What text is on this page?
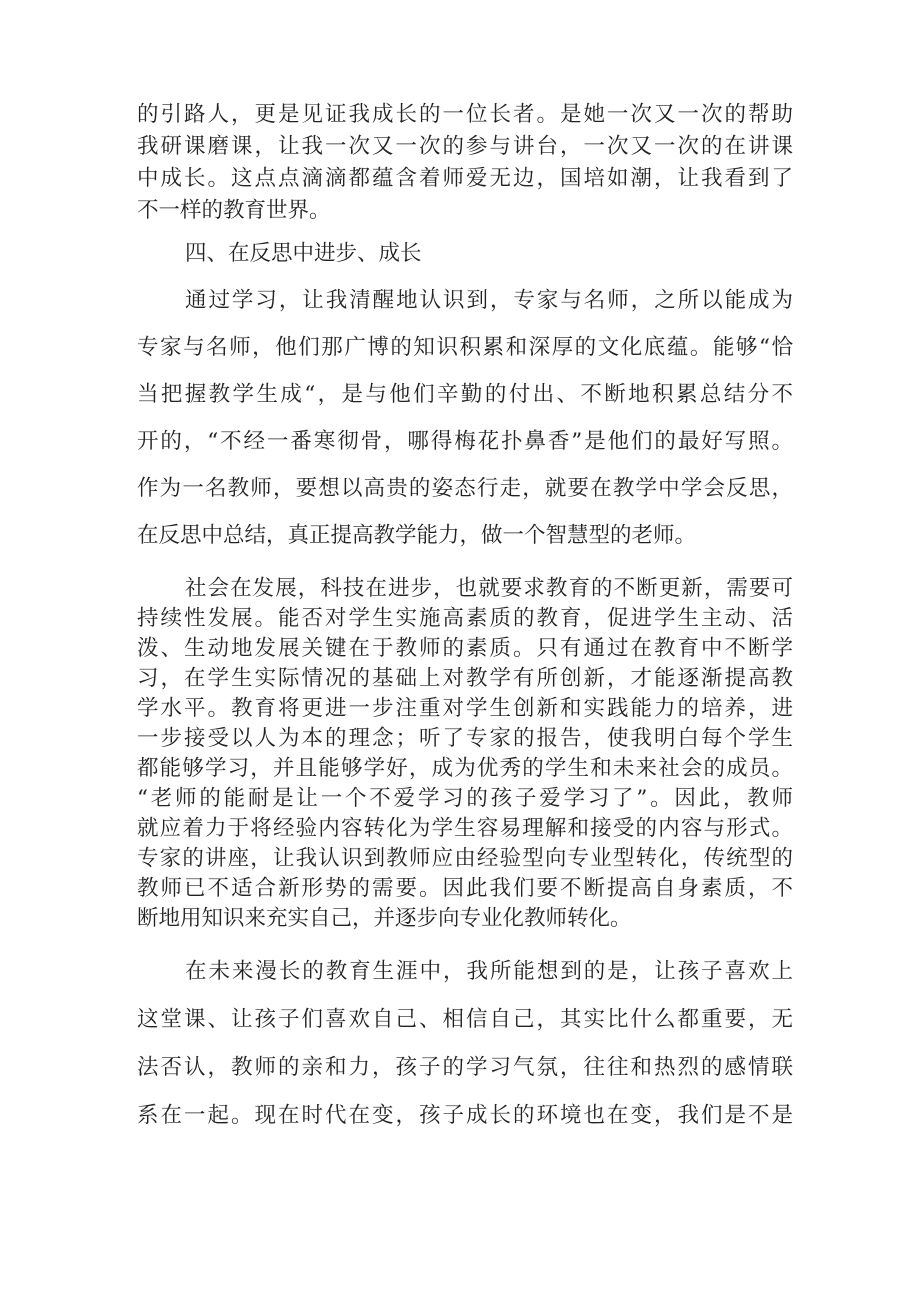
的引路人，更是见证我成长的一位长者。是她一次又一次的帮助
我研课磨课，让我一次又一次的参与讲台，一次又一次的在讲课
中成长。这点点滴滴都蕴含着师爱无边，国培如潮，让我看到了
不一样的教育世界。
四、在反思中进步、成长
通过学习，让我清醒地认识到，专家与名师，之所以能成为
专家与名师，他们那广博的知识积累和深厚的文化底蕴。能够“恰
当把握教学生成“，是与他们辛勤的付出、不断地积累总结分不
开的，“不经一番寒彻骨，哪得梅花扑鼻香”是他们的最好写照。
作为一名教师，要想以高贵的姿态行走，就要在教学中学会反思，
在反思中总结，真正提高教学能力，做一个智慧型的老师。
社会在发展，科技在进步，也就要求教育的不断更新，需要可
持续性发展。能否对学生实施高素质的教育，促进学生主动、活
泼、生动地发展关键在于教师的素质。只有通过在教育中不断学
习，在学生实际情况的基础上对教学有所创新，才能逐渐提高教
学水平。教育将更进一步注重对学生创新和实践能力的培养，进
一步接受以人为本的理念；听了专家的报告，使我明白每个学生
都能够学习，并且能够学好，成为优秀的学生和未来社会的成员。
“老师的能耐是让一个不爱学习的孩子爱学习了”。因此，教师
就应着力于将经验内容转化为学生容易理解和接受的内容与形式。
专家的讲座，让我认识到教师应由经验型向专业型转化，传统型的
教师已不适合新形势的需要。因此我们要不断提高自身素质，不
断地用知识来充实自己，并逐步向专业化教师转化。
在未来漫长的教育生涯中，我所能想到的是，让孩子喜欢上
这堂课、让孩子们喜欢自己、相信自己，其实比什么都重要，无
法否认，教师的亲和力，孩子的学习气氛，往往和热烈的感情联
系在一起。现在时代在变，孩子成长的环境也在变，我们是不是
